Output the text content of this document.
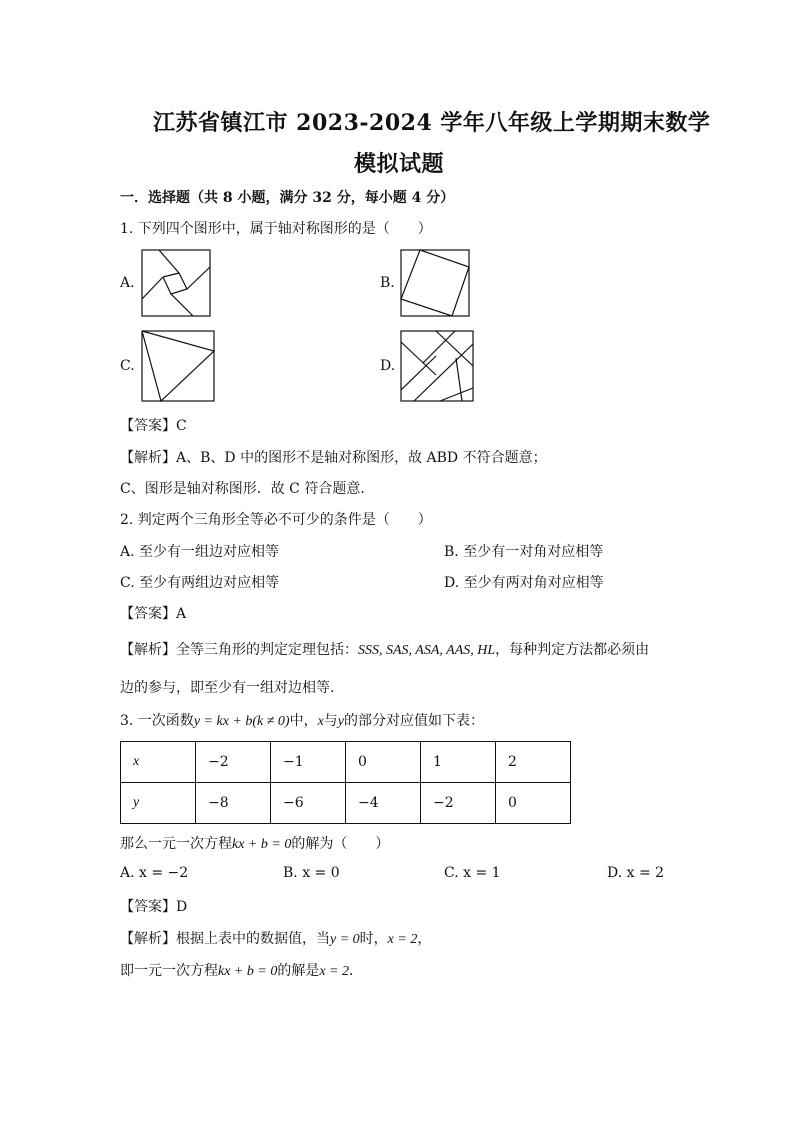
江苏省镇江市 2023-2024 学年八年级上学期期末数学
模拟试题
一．选择题（共 8 小题，满分 32 分，每小题 4 分）
1. 下列四个图形中，属于轴对称图形的是（　　）
A.	B.
C.	D.
【答案】C
【解析】A、B、D 中的图形不是轴对称图形，故 ABD 不符合题意；
C、图形是轴对称图形．故 C 符合题意．
2. 判定两个三角形全等必不可少的条件是（　　）
A. 至少有一组边对应相等	B. 至少有一对角对应相等
C. 至少有两组边对应相等	D. 至少有两对角对应相等
【答案】A
【解析】全等三角形的判定定理包括：SSS, SAS, ASA, AAS, HL，每种判定方法都必须由
边的参与，即至少有一组对边相等．
3. 一次函数y = kx + b(k ≠ 0)中，x与y的部分对应值如下表：
x	−2	−1	0	1	2
y	−8	−6	−4	−2	0
那么一元一次方程kx + b = 0的解为（　　）
A. x = −2	B. x = 0	C. x = 1	D. x = 2
【答案】D
【解析】根据上表中的数据值，当y = 0时，x = 2，
即一元一次方程kx + b = 0的解是x = 2．
